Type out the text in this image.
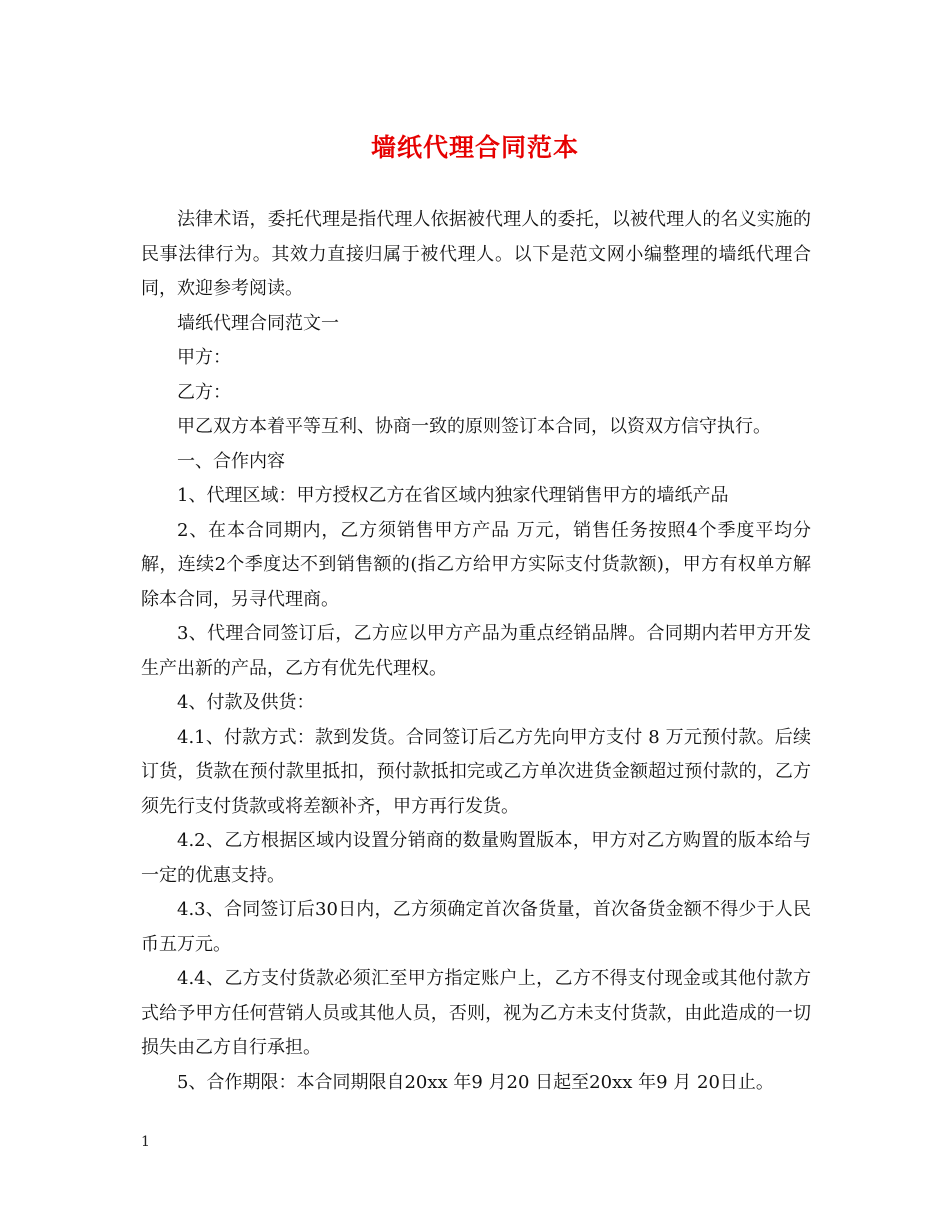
墙纸代理合同范本

法律术语，委托代理是指代理人依据被代理人的委托，以被代理人的名义实施的民事法律行为。其效力直接归属于被代理人。以下是范文网小编整理的墙纸代理合同，欢迎参考阅读。

墙纸代理合同范文一

甲方：

乙方：

甲乙双方本着平等互利、协商一致的原则签订本合同，以资双方信守执行。

一、合作内容

1、代理区域：甲方授权乙方在省区域内独家代理销售甲方的墙纸产品

2、在本合同期内，乙方须销售甲方产品 万元，销售任务按照4个季度平均分解，连续2个季度达不到销售额的(指乙方给甲方实际支付货款额)，甲方有权单方解除本合同，另寻代理商。

3、代理合同签订后，乙方应以甲方产品为重点经销品牌。合同期内若甲方开发生产出新的产品，乙方有优先代理权。

4、付款及供货：

4.1、付款方式：款到发货。合同签订后乙方先向甲方支付 8 万元预付款。后续订货，货款在预付款里抵扣，预付款抵扣完或乙方单次进货金额超过预付款的，乙方须先行支付货款或将差额补齐，甲方再行发货。

4.2、乙方根据区域内设置分销商的数量购置版本，甲方对乙方购置的版本给与一定的优惠支持。

4.3、合同签订后30日内，乙方须确定首次备货量，首次备货金额不得少于人民币五万元。

4.4、乙方支付货款必须汇至甲方指定账户上，乙方不得支付现金或其他付款方式给予甲方任何营销人员或其他人员，否则，视为乙方未支付货款，由此造成的一切损失由乙方自行承担。

5、合作期限：本合同期限自20xx 年9 月20 日起至20xx 年9 月 20日止。

1
